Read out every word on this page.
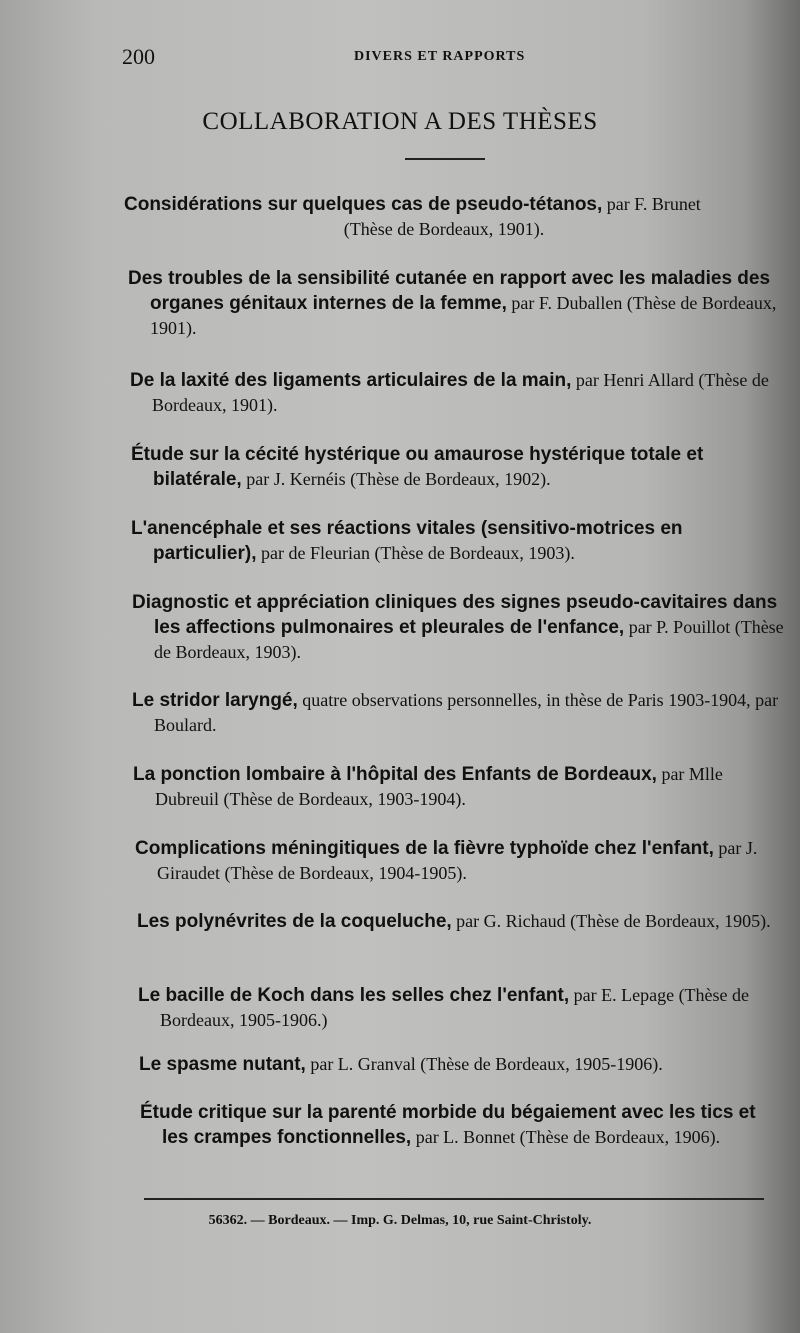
200	DIVERS ET RAPPORTS
COLLABORATION A DES THÈSES
Considérations sur quelques cas de pseudo-tétanos, par F. Brunet
(Thèse de Bordeaux, 1901).
Des troubles de la sensibilité cutanée en rapport avec les maladies des organes génitaux internes de la femme, par F. Duballen (Thèse de Bordeaux, 1901).
De la laxité des ligaments articulaires de la main, par Henri Allard (Thèse de Bordeaux, 1901).
Étude sur la cécité hystérique ou amaurose hystérique totale et bilatérale, par J. Kernéis (Thèse de Bordeaux, 1902).
L'anencéphale et ses réactions vitales (sensitivo-motrices en particulier), par de Fleurian (Thèse de Bordeaux, 1903).
Diagnostic et appréciation cliniques des signes pseudo-cavitaires dans les affections pulmonaires et pleurales de l'enfance, par P. Pouillot (Thèse de Bordeaux, 1903).
Le stridor laryngé, quatre observations personnelles, in thèse de Paris 1903-1904, par Boulard.
La ponction lombaire à l'hôpital des Enfants de Bordeaux, par Mlle Dubreuil (Thèse de Bordeaux, 1903-1904).
Complications méningitiques de la fièvre typhoïde chez l'enfant, par J. Giraudet (Thèse de Bordeaux, 1904-1905).
Les polynévrites de la coqueluche, par G. Richaud (Thèse de Bordeaux, 1905).
Le bacille de Koch dans les selles chez l'enfant, par E. Lepage (Thèse de Bordeaux, 1905-1906.)
Le spasme nutant, par L. Granval (Thèse de Bordeaux, 1905-1906).
Étude critique sur la parenté morbide du bégaiement avec les tics et les crampes fonctionnelles, par L. Bonnet (Thèse de Bordeaux, 1906).
56362. — Bordeaux. — Imp. G. Delmas, 10, rue Saint-Christoly.
